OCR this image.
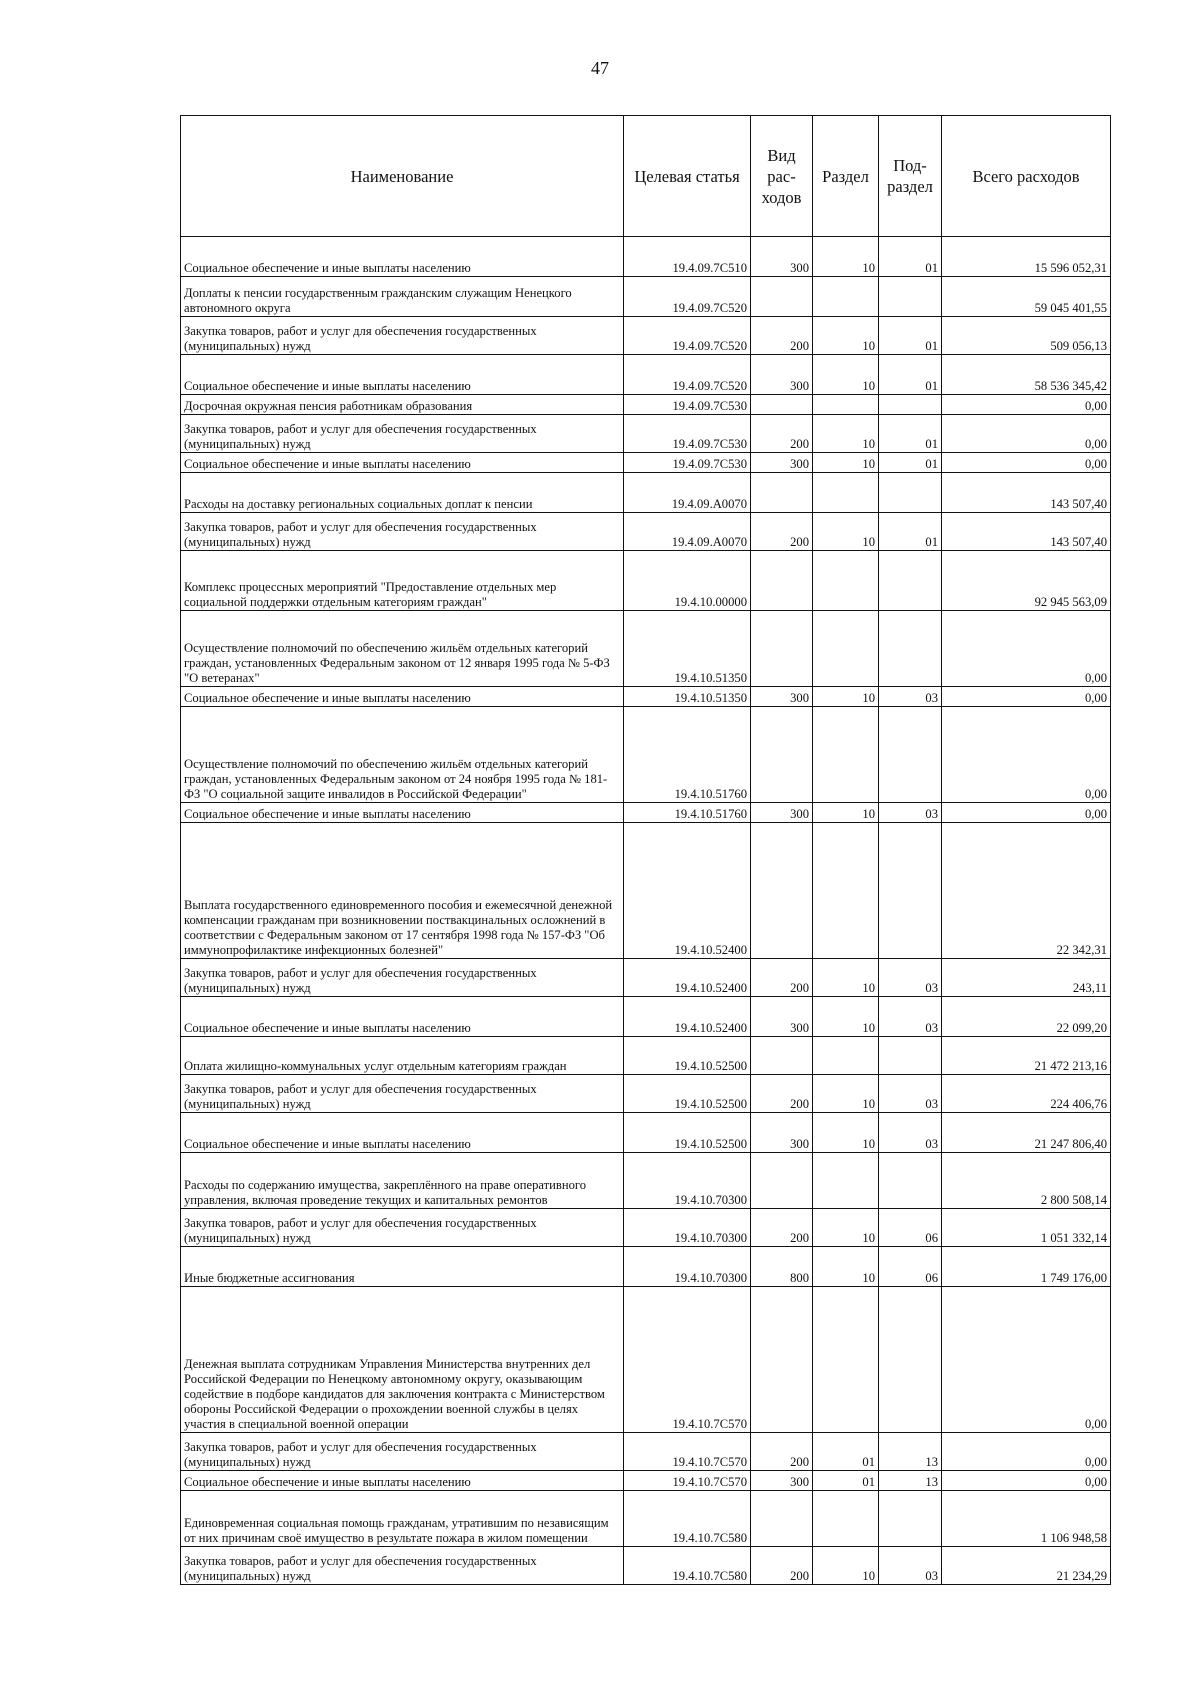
47
Наименование	Целевая статья	Вид рас-ходов	Раздел	Под-раздел	Всего расходов
Социальное обеспечение и иные выплаты населению	19.4.09.7С510	300	10	01	15 596 052,31
Доплаты к пенсии государственным гражданским служащим Ненецкого автономного округа	19.4.09.7С520				59 045 401,55
Закупка товаров, работ и услуг для обеспечения государственных (муниципальных) нужд	19.4.09.7С520	200	10	01	509 056,13
Социальное обеспечение и иные выплаты населению	19.4.09.7С520	300	10	01	58 536 345,42
Досрочная окружная пенсия работникам образования	19.4.09.7С530				0,00
Закупка товаров, работ и услуг для обеспечения государственных (муниципальных) нужд	19.4.09.7С530	200	10	01	0,00
Социальное обеспечение и иные выплаты населению	19.4.09.7С530	300	10	01	0,00
Расходы на доставку региональных социальных доплат к пенсии	19.4.09.А0070				143 507,40
Закупка товаров, работ и услуг для обеспечения государственных (муниципальных) нужд	19.4.09.А0070	200	10	01	143 507,40
Комплекс процессных мероприятий "Предоставление отдельных мер социальной поддержки отдельным категориям граждан"	19.4.10.00000				92 945 563,09
Осуществление полномочий по обеспечению жильём отдельных категорий граждан, установленных Федеральным законом от 12 января 1995 года № 5-ФЗ "О ветеранах"	19.4.10.51350				0,00
Социальное обеспечение и иные выплаты населению	19.4.10.51350	300	10	03	0,00
Осуществление полномочий по обеспечению жильём отдельных категорий граждан, установленных Федеральным законом от 24 ноября 1995 года № 181-ФЗ "О социальной защите инвалидов в Российской Федерации"	19.4.10.51760				0,00
Социальное обеспечение и иные выплаты населению	19.4.10.51760	300	10	03	0,00
Выплата государственного единовременного пособия и ежемесячной денежной компенсации гражданам при возникновении поствакцинальных осложнений в соответствии с Федеральным законом от 17 сентября 1998 года № 157-ФЗ "Об иммунопрофилактике инфекционных болезней"	19.4.10.52400				22 342,31
Закупка товаров, работ и услуг для обеспечения государственных (муниципальных) нужд	19.4.10.52400	200	10	03	243,11
Социальное обеспечение и иные выплаты населению	19.4.10.52400	300	10	03	22 099,20
Оплата жилищно-коммунальных услуг отдельным категориям граждан	19.4.10.52500				21 472 213,16
Закупка товаров, работ и услуг для обеспечения государственных (муниципальных) нужд	19.4.10.52500	200	10	03	224 406,76
Социальное обеспечение и иные выплаты населению	19.4.10.52500	300	10	03	21 247 806,40
Расходы по содержанию имущества, закреплённого на праве оперативного управления, включая проведение текущих и капитальных ремонтов	19.4.10.70300				2 800 508,14
Закупка товаров, работ и услуг для обеспечения государственных (муниципальных) нужд	19.4.10.70300	200	10	06	1 051 332,14
Иные бюджетные ассигнования	19.4.10.70300	800	10	06	1 749 176,00
Денежная выплата сотрудникам Управления Министерства внутренних дел Российской Федерации по Ненецкому автономному округу, оказывающим содействие в подборе кандидатов для заключения контракта с Министерством обороны Российской Федерации о прохождении военной службы в целях участия в специальной военной операции	19.4.10.7С570				0,00
Закупка товаров, работ и услуг для обеспечения государственных (муниципальных) нужд	19.4.10.7С570	200	01	13	0,00
Социальное обеспечение и иные выплаты населению	19.4.10.7С570	300	01	13	0,00
Единовременная социальная помощь гражданам, утратившим по независящим от них причинам своё имущество в результате пожара в жилом помещении	19.4.10.7С580				1 106 948,58
Закупка товаров, работ и услуг для обеспечения государственных (муниципальных) нужд	19.4.10.7С580	200	10	03	21 234,29
